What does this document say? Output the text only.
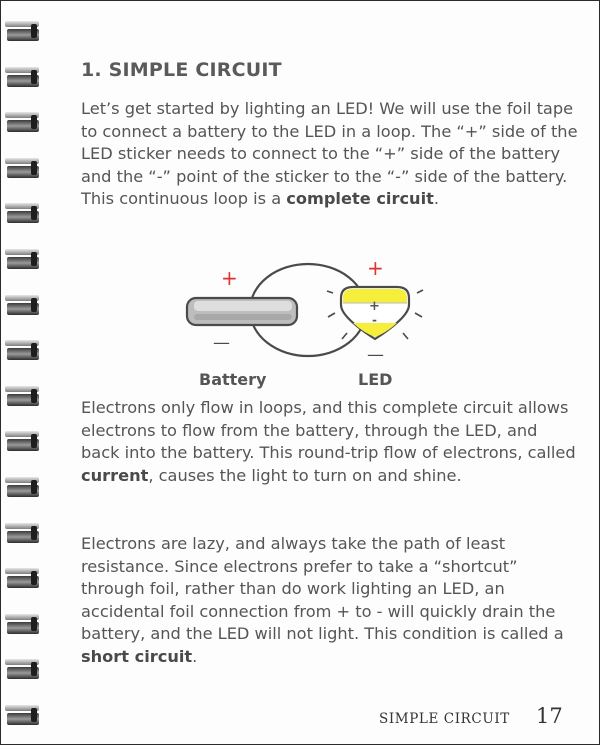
1. SIMPLE CIRCUIT

Let’s get started by lighting an LED! We will use the foil tape to connect a battery to the LED in a loop. The “+” side of the LED sticker needs to connect to the “+” side of the battery and the “-” point of the sticker to the “-” side of the battery. This continuous loop is a complete circuit.

+
—
+
-
+
—
Battery	LED

Electrons only flow in loops, and this complete circuit allows electrons to flow from the battery, through the LED, and back into the battery. This round-trip flow of electrons, called current, causes the light to turn on and shine.

Electrons are lazy, and always take the path of least resistance. Since electrons prefer to take a “shortcut” through foil, rather than do work lighting an LED, an accidental foil connection from + to - will quickly drain the battery, and the LED will not light. This condition is called a short circuit.

SIMPLE CIRCUIT 17
